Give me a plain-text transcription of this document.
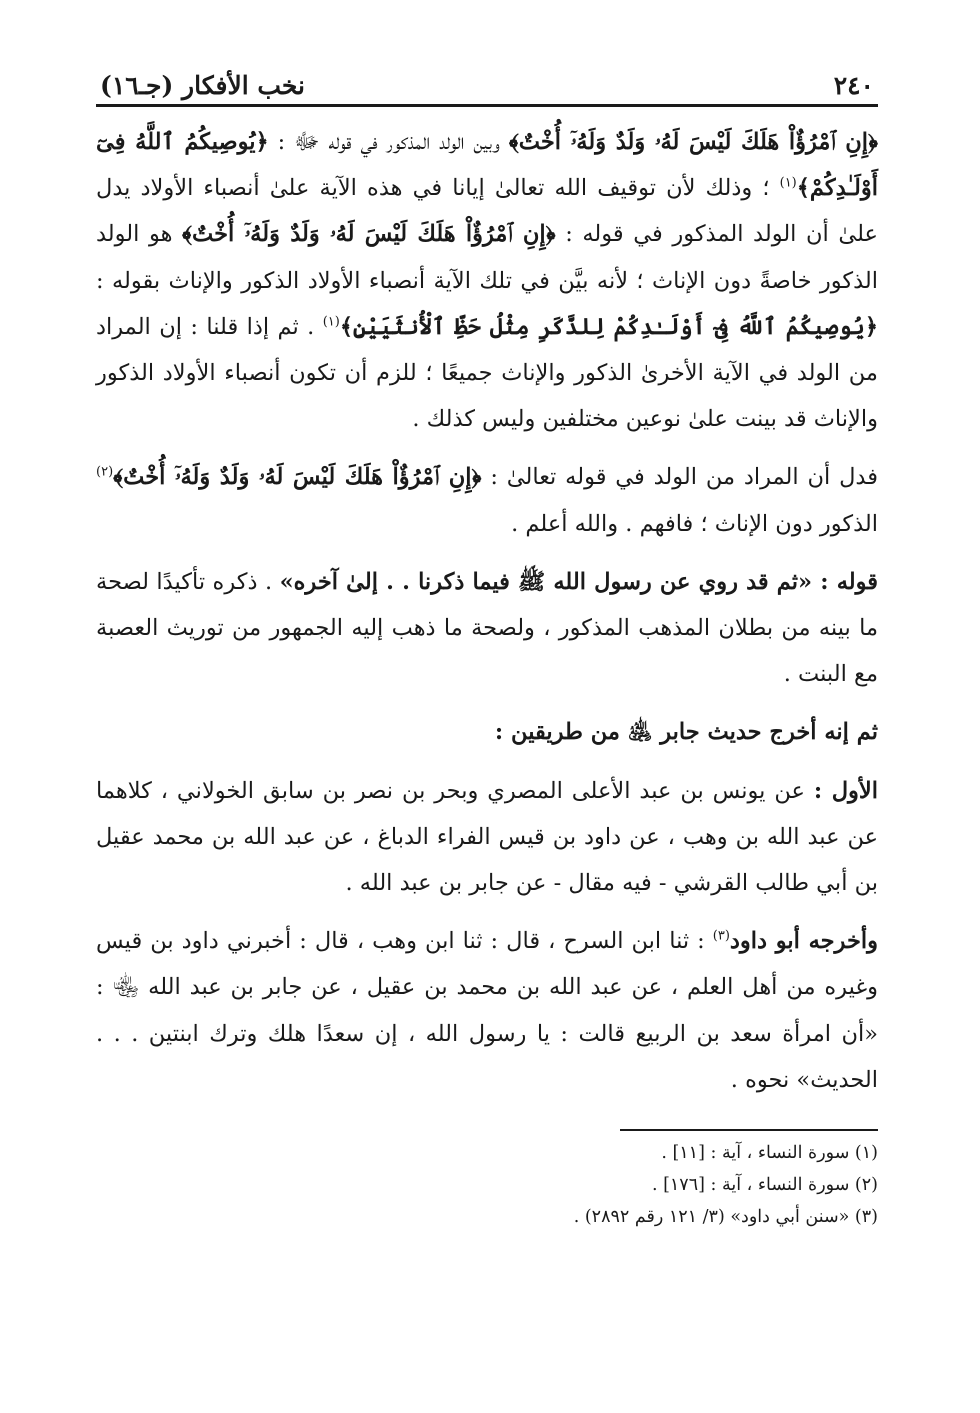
٢٤٠
نخب الأفكار (جـ١٦)

﴿إِنِ ٱمْرُؤٌاْ هَلَكَ لَيْسَ لَهُۥ وَلَدٌ وَلَهُۥٓ أُخْتٌ﴾ وبين الولد المذكور في قوله ﷻ : ﴿يُوصِيكُمُ ٱللَّهُ فِىٓ أَوْلَـٰدِكُمْ﴾$^{(١)}$ ؛ وذلك لأن توقيف الله تعالىٰ إيانا في هذه الآية علىٰ أنصباء الأولاد يدل علىٰ أن الولد المذكور في قوله : ﴿إِنِ ٱمْرُؤٌاْ هَلَكَ لَيْسَ لَهُۥ وَلَدٌ وَلَهُۥٓ أُخْتٌ﴾ هو الولد الذكور خاصةً دون الإناث ؛ لأنه بيَّن في تلك الآية أنصباء الأولاد الذكور والإناث بقوله : ﴿يُوصِيكُمُ ٱللَّهُ فِىٓ أَوْلَـٰدِكُمْ لِلذَّكَرِ مِثْلُ حَظِّ ٱلْأُنثَيَيْنِ﴾$^{(١)}$ . ثم إذا قلنا : إن المراد من الولد في الآية الأخرىٰ الذكور والإناث جميعًا ؛ للزم أن تكون أنصباء الأولاد الذكور والإناث قد بينت علىٰ نوعين مختلفين وليس كذلك .

فدل أن المراد من الولد في قوله تعالىٰ : ﴿إِنِ ٱمْرُؤٌاْ هَلَكَ لَيْسَ لَهُۥ وَلَدٌ وَلَهُۥٓ أُخْتٌ﴾$^{(٢)}$ الذكور دون الإناث ؛ فافهم . والله أعلم .

قوله : «ثم قد روي عن رسول الله ﷺ فيما ذكرنا . . إلىٰ آخره» . ذكره تأكيدًا لصحة ما بينه من بطلان المذهب المذكور ، ولصحة ما ذهب إليه الجمهور من توريث العصبة مع البنت .

ثم إنه أخرج حديث جابر ﵁ من طريقين :

الأول : عن يونس بن عبد الأعلى المصري وبحر بن نصر بن سابق الخولاني ، كلاهما عن عبد الله بن وهب ، عن داود بن قيس الفراء الدباغ ، عن عبد الله بن محمد عقيل بن أبي طالب القرشي - فيه مقال - عن جابر بن عبد الله .

وأخرجه أبو داود$^{(٣)}$ : ثنا ابن السرح ، قال : ثنا ابن وهب ، قال : أخبرني داود بن قيس وغيره من أهل العلم ، عن عبد الله بن محمد بن عقيل ، عن جابر بن عبد الله ﵄ : «أن امرأة سعد بن الربيع قالت : يا رسول الله ، إن سعدًا هلك وترك ابنتين . . . الحديث» نحوه .

(١) سورة النساء ، آية : [١١] .

(٢) سورة النساء ، آية : [١٧٦] .

(٣) «سنن أبي داود» (٣/ ١٢١ رقم ٢٨٩٢) .
